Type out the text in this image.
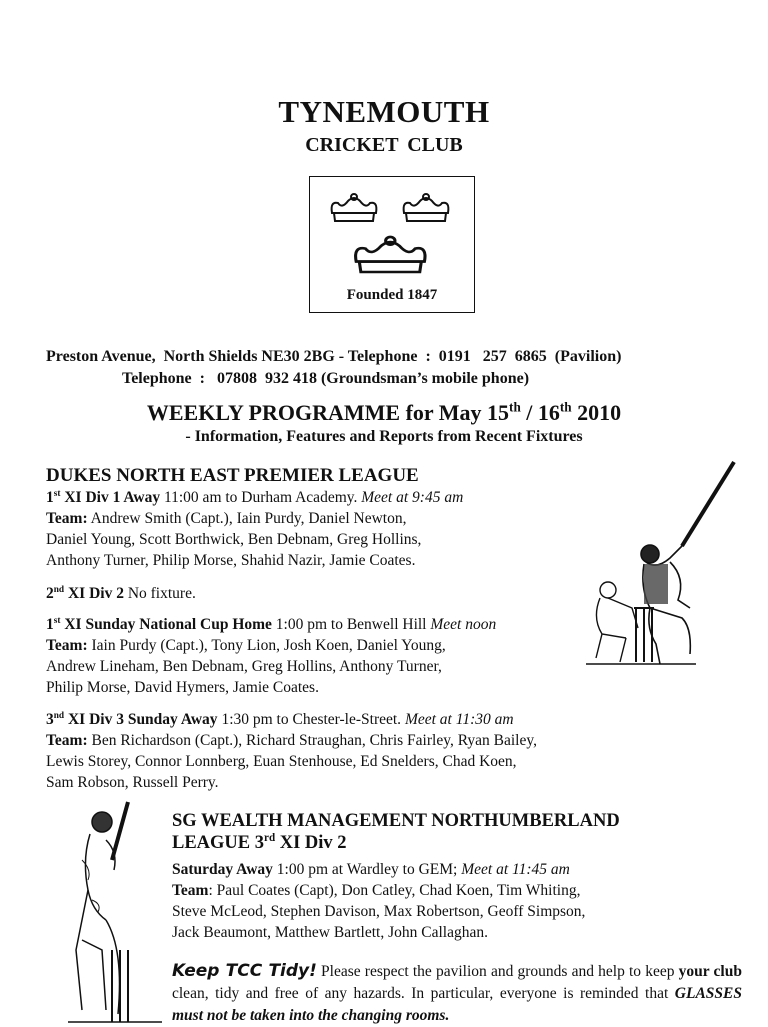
TYNEMOUTH
CRICKET CLUB
Founded 1847
Preston Avenue,  North Shields NE30 2BG - Telephone  :  0191   257  6865  (Pavilion)
Telephone  :   07808  932 418 (Groundsman’s mobile phone)
WEEKLY PROGRAMME for May 15th / 16th 2010
- Information, Features and Reports from Recent Fixtures
DUKES NORTH EAST PREMIER LEAGUE
1st XI Div 1 Away 11:00 am to Durham Academy. Meet at 9:45 am
Team: Andrew Smith (Capt.), Iain Purdy, Daniel Newton,
Daniel Young, Scott Borthwick, Ben Debnam, Greg Hollins,
Anthony Turner, Philip Morse, Shahid Nazir, Jamie Coates.
2nd XI Div 2 No fixture.
1st XI Sunday National Cup Home 1:00 pm to Benwell Hill Meet noon
Team: Iain Purdy (Capt.), Tony Lion, Josh Koen, Daniel Young,
Andrew Lineham, Ben Debnam, Greg Hollins, Anthony Turner,
Philip Morse, David Hymers, Jamie Coates.
3nd XI Div 3 Sunday Away 1:30 pm to Chester-le-Street. Meet at 11:30 am
Team: Ben Richardson (Capt.), Richard Straughan, Chris Fairley, Ryan Bailey,
Lewis Storey, Connor Lonnberg, Euan Stenhouse, Ed Snelders, Chad Koen,
Sam Robson, Russell Perry.
SG WEALTH MANAGEMENT NORTHUMBERLAND
LEAGUE 3rd XI Div 2
Saturday Away 1:00 pm at Wardley to GEM; Meet at 11:45 am
Team: Paul Coates (Capt), Don Catley, Chad Koen, Tim Whiting,
Steve McLeod, Stephen Davison, Max Robertson, Geoff Simpson,
Jack Beaumont, Matthew Bartlett, John Callaghan.
Keep TCC Tidy! Please respect the pavilion and grounds and help to keep your club clean, tidy and free of any hazards. In particular, everyone is reminded that GLASSES must not be taken into the changing rooms.
